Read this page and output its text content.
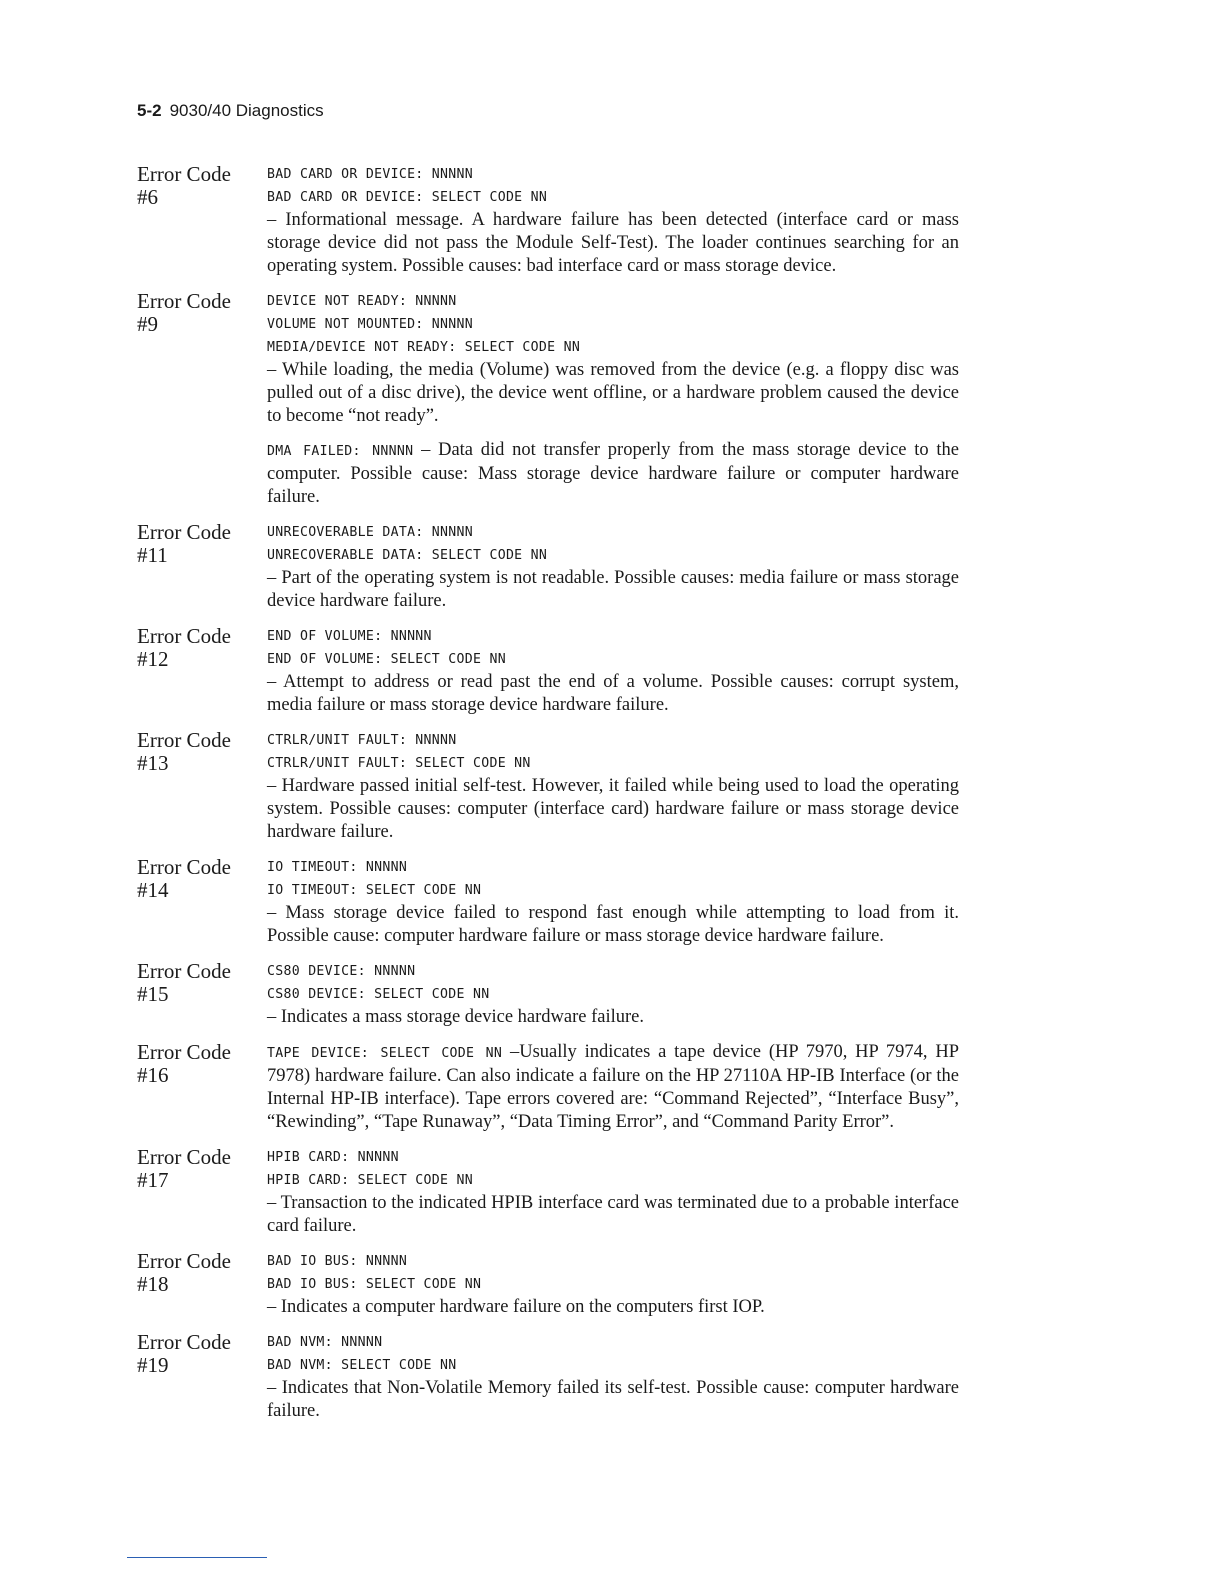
5-2 9030/40 Diagnostics
Error Code
#6
BAD CARD OR DEVICE: NNNNN
BAD CARD OR DEVICE: SELECT CODE NN

– Informational message. A hardware failure has been detected (interface card or mass storage device did not pass the Module Self-Test). The loader continues searching for an operating system. Possible causes: bad interface card or mass storage device.

Error Code
#9
DEVICE NOT READY: NNNNN
VOLUME NOT MOUNTED: NNNNN
MEDIA/DEVICE NOT READY: SELECT CODE NN

– While loading, the media (Volume) was removed from the device (e.g. a floppy disc was pulled out of a disc drive), the device went offline, or a hardware problem caused the device to become “not ready”.

DMA FAILED: NNNNN – Data did not transfer properly from the mass storage device to the computer. Possible cause: Mass storage device hardware failure or computer hardware failure.

Error Code
#11
UNRECOVERABLE DATA: NNNNN
UNRECOVERABLE DATA: SELECT CODE NN

– Part of the operating system is not readable. Possible causes: media failure or mass storage device hardware failure.

Error Code
#12
END OF VOLUME: NNNNN
END OF VOLUME: SELECT CODE NN

– Attempt to address or read past the end of a volume. Possible causes: corrupt system, media failure or mass storage device hardware failure.

Error Code
#13
CTRLR/UNIT FAULT: NNNNN
CTRLR/UNIT FAULT: SELECT CODE NN

– Hardware passed initial self-test. However, it failed while being used to load the operating system. Possible causes: computer (interface card) hardware failure or mass storage device hardware failure.

Error Code
#14
IO TIMEOUT: NNNNN
IO TIMEOUT: SELECT CODE NN

– Mass storage device failed to respond fast enough while attempting to load from it. Possible cause: computer hardware failure or mass storage device hardware failure.

Error Code
#15
CS80 DEVICE: NNNNN
CS80 DEVICE: SELECT CODE NN

– Indicates a mass storage device hardware failure.

Error Code
#16

TAPE DEVICE: SELECT CODE NN –Usually indicates a tape device (HP 7970, HP 7974, HP 7978) hardware failure. Can also indicate a failure on the HP 27110A HP-IB Interface (or the Internal HP-IB interface). Tape errors covered are: “Command Rejected”, “Interface Busy”, “Rewinding”, “Tape Runaway”, “Data Timing Error”, and “Command Parity Error”.

Error Code
#17
HPIB CARD: NNNNN
HPIB CARD: SELECT CODE NN

– Transaction to the indicated HPIB interface card was terminated due to a probable interface card failure.

Error Code
#18
BAD IO BUS: NNNNN
BAD IO BUS: SELECT CODE NN

– Indicates a computer hardware failure on the computers first IOP.

Error Code
#19
BAD NVM: NNNNN
BAD NVM: SELECT CODE NN

– Indicates that Non-Volatile Memory failed its self-test. Possible cause: computer hardware failure.
